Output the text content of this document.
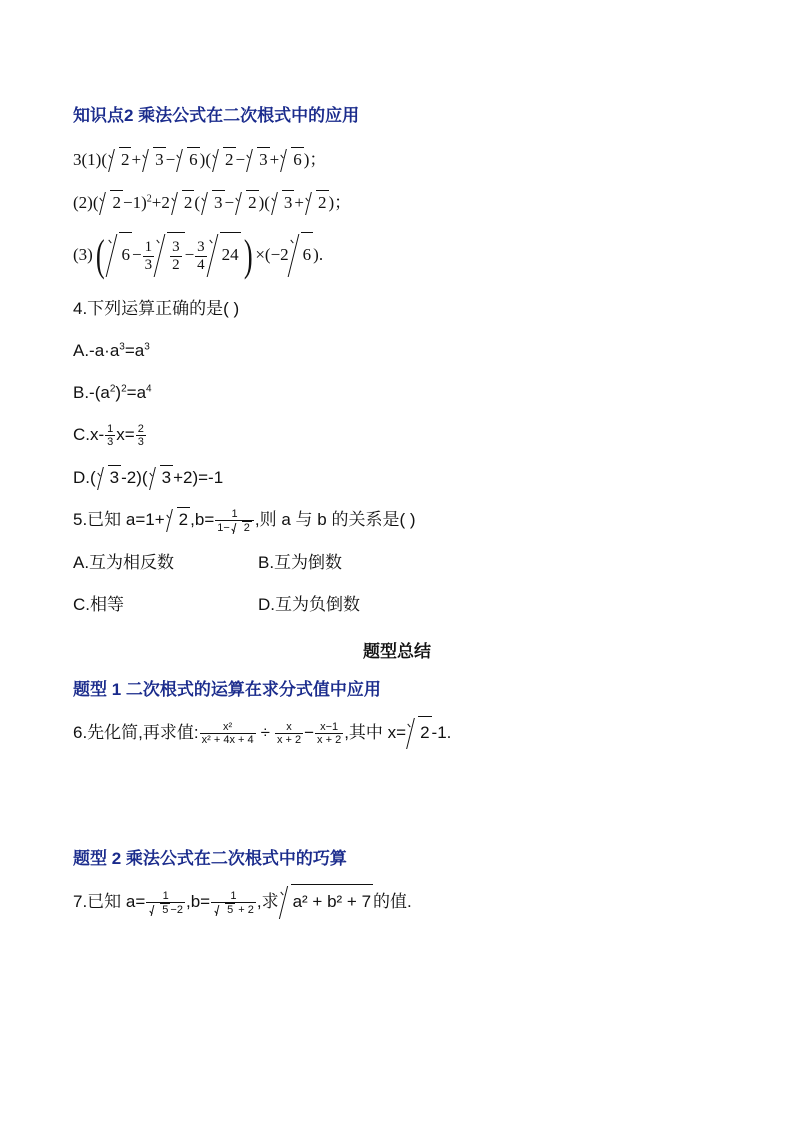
知识点2 乘法公式在二次根式中的应用
3(1)( 2 + 3 − 6 )( 2 − 3 + 6 )；
(2)( 2 −1)$^2$+2 2 ( 3 − 2 )( 3 + 2 )；
(3)( $6 - \frac{1}{3} \frac{3}{2} - \frac{3}{4} 24$ ) ×(−2 6 ).
4.下列运算正确的是( )
$A.-a\cdot a^3=a^3$
$B.-(a^2)^2=a^4$
$C.x- \frac{1}{3} x= \frac{2}{3}$
D.( 3 -2)( 3 +2)=-1
5.已知 a=1+ 2 $,b= \frac{1}{1- 2}$ ,则 a 与 b 的关系是( )
A.互为相反数	B.互为倒数
C.相等	D.互为负倒数
题型总结
题型 1 二次根式的运算在求分式值中应用
6.先化简,再求值: $\frac{\text{x²}}{\text{x² + 4x + 4}} \div \frac{x}{x + 2} - \frac{x-1}{x + 2}$ ,其中 x= 2 -1.
题型 2 乘法公式在二次根式中的巧算
7.已知 $a= \frac{1}{5 -2} ,b= \frac{1}{5 + 2}$ ,求 a² + b² + 7 的值.
